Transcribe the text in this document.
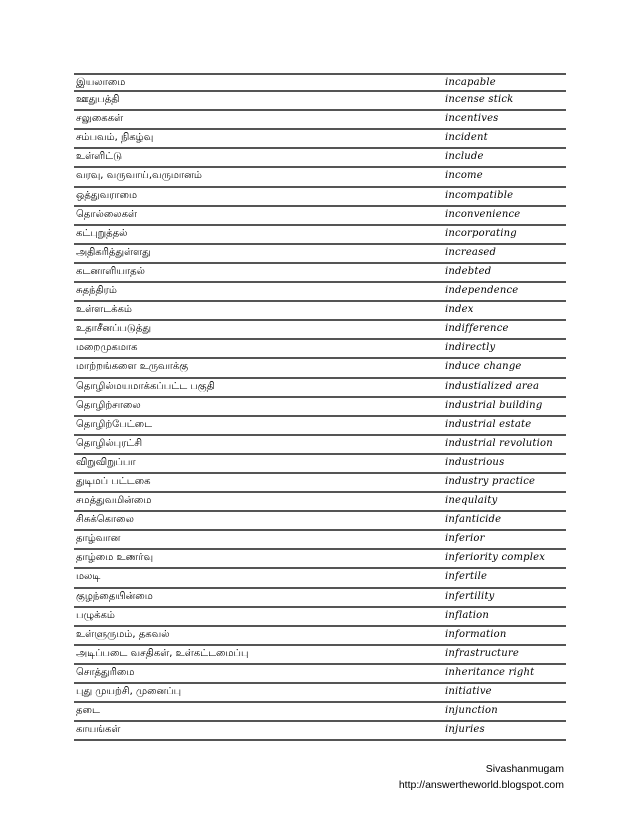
இயலாமை	incapable
ஊதுபத்தி	incense stick
சலுகைகள்	incentives
சம்பவம், நிகழ்வு	incident
உள்ளிட்டு	include
வரவு, வருவாய்,வருமானம்	income
ஒத்துவராமை	incompatible
தொல்லைகள்	inconvenience
கட்புறுத்தல்	incorporating
அதிகரித்துள்ளது	increased
கடனாளியாதல்	indebted
சுதந்திரம்	independence
உள்ளடக்கம்	index
உதாசீனப்படுத்து	indifference
மறைமுகமாக	indirectly
மாற்றங்களை உருவாக்கு	induce change
தொழில்மயமாக்கப்பட்ட பகுதி	industialized area
தொழிற்சாலை	industrial building
தொழிற்பேட்டை	industrial estate
தொழில்புரட்சி	industrial revolution
விறுவிறுப்பா	industrious
துடிமப் பட்டகை	industry practice
சமத்துவமின்மை	inequlaity
சிசுக்கொலை	infanticide
தாழ்வான	inferior
தாழ்மை உணர்வு	inferiority complex
மலடி	infertile
குழந்தையின்மை	infertility
பழுக்கம்	inflation
உள்ளுருமம், தகவல்	information
அடிப்படை வசதிகள், உள்கட்டமைப்பு	infrastructure
சொத்துரிமை	inheritance right
புது முயற்சி, முனைப்பு	initiative
தடை	injunction
காயங்கள்	injuries
Sivashanmugam
http://answertheworld.blogspot.com
